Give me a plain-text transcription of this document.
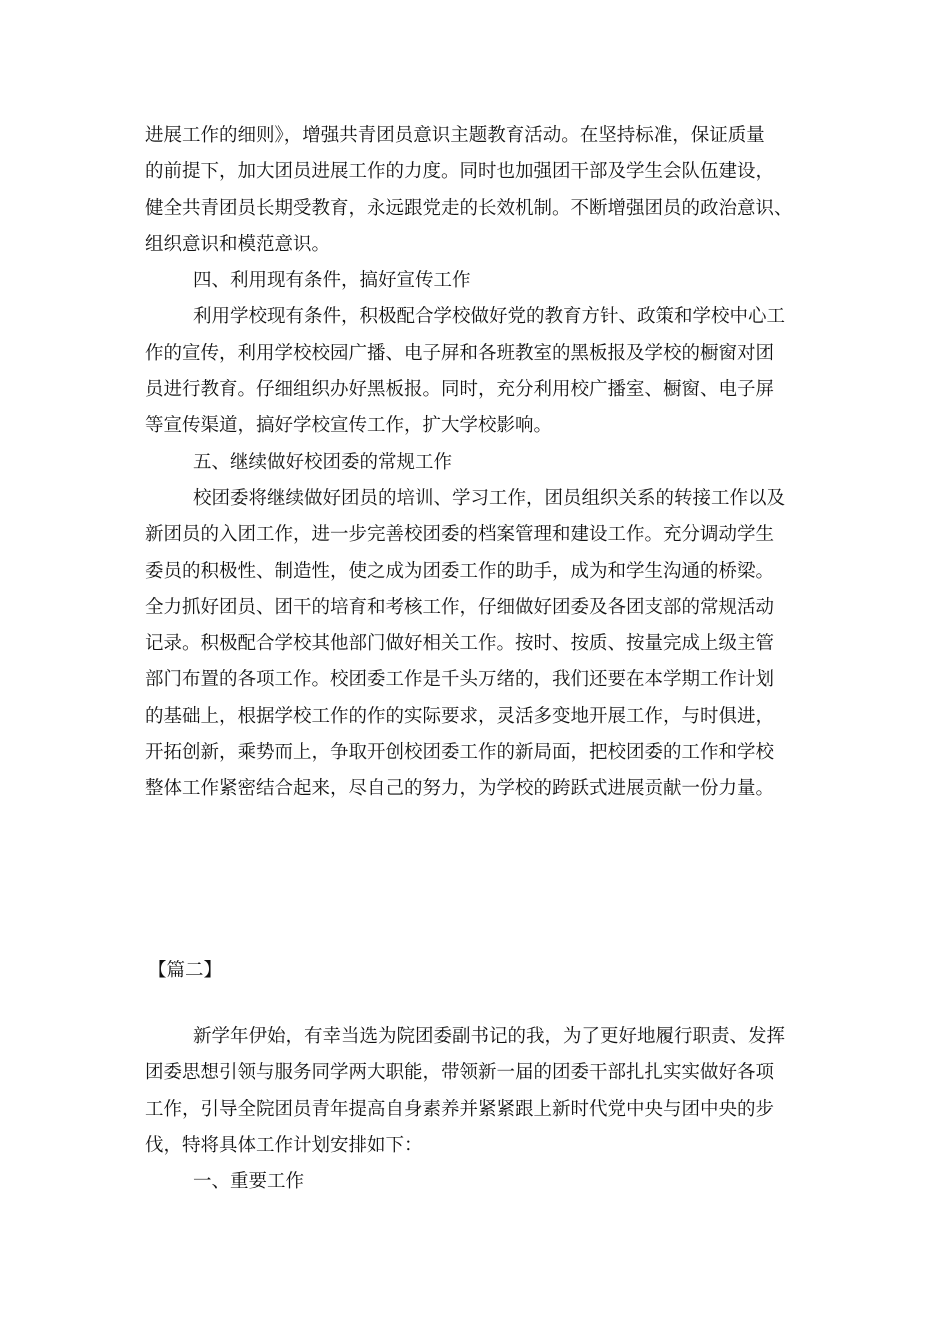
进展工作的细则》，增强共青团员意识主题教育活动。在坚持标准，保证质量
的前提下，加大团员进展工作的力度。同时也加强团干部及学生会队伍建设，
健全共青团员长期受教育，永远跟党走的长效机制。不断增强团员的政治意识、
组织意识和模范意识。
四、利用现有条件，搞好宣传工作
利用学校现有条件，积极配合学校做好党的教育方针、政策和学校中心工
作的宣传，利用学校校园广播、电子屏和各班教室的黑板报及学校的橱窗对团
员进行教育。仔细组织办好黑板报。同时，充分利用校广播室、橱窗、电子屏
等宣传渠道，搞好学校宣传工作，扩大学校影响。
五、继续做好校团委的常规工作
校团委将继续做好团员的培训、学习工作，团员组织关系的转接工作以及
新团员的入团工作，进一步完善校团委的档案管理和建设工作。充分调动学生
委员的积极性、制造性，使之成为团委工作的助手，成为和学生沟通的桥梁。
全力抓好团员、团干的培育和考核工作，仔细做好团委及各团支部的常规活动
记录。积极配合学校其他部门做好相关工作。按时、按质、按量完成上级主管
部门布置的各项工作。校团委工作是千头万绪的，我们还要在本学期工作计划
的基础上，根据学校工作的作的实际要求，灵活多变地开展工作，与时俱进，
开拓创新，乘势而上，争取开创校团委工作的新局面，把校团委的工作和学校
整体工作紧密结合起来，尽自己的努力，为学校的跨跃式进展贡献一份力量。
【篇二】
新学年伊始，有幸当选为院团委副书记的我，为了更好地履行职责、发挥
团委思想引领与服务同学两大职能，带领新一届的团委干部扎扎实实做好各项
工作，引导全院团员青年提高自身素养并紧紧跟上新时代党中央与团中央的步
伐，特将具体工作计划安排如下：
一、重要工作
